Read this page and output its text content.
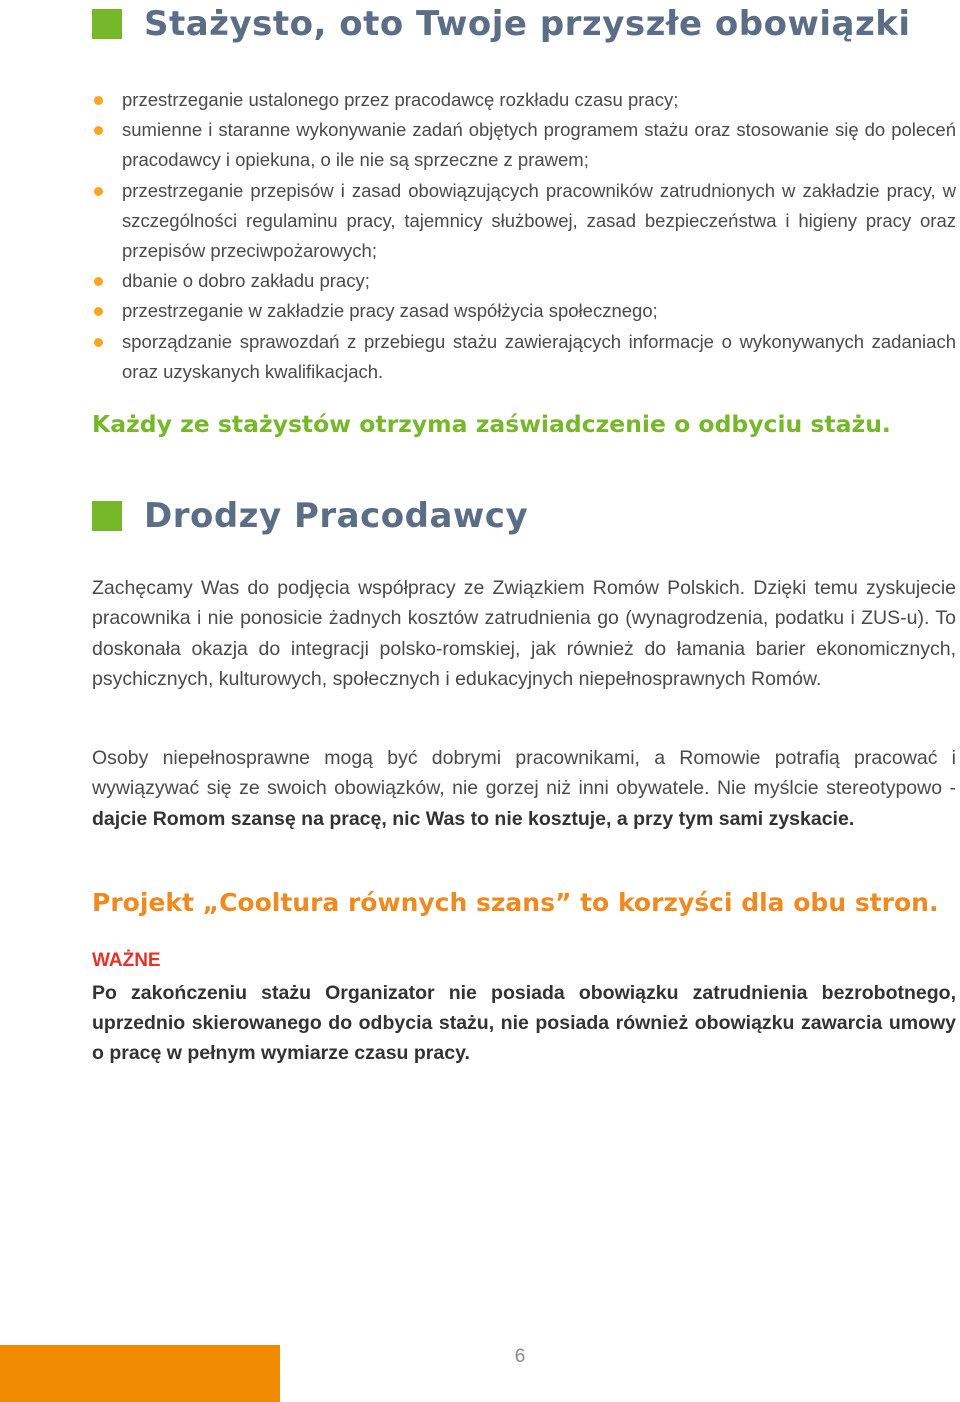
Stażysto, oto Twoje przyszłe obowiązki
przestrzeganie ustalonego przez pracodawcę rozkładu czasu pracy;
sumienne i staranne wykonywanie zadań objętych programem stażu oraz stosowanie się do poleceń pracodawcy i opiekuna, o ile nie są sprzeczne z prawem;
przestrzeganie przepisów i zasad obowiązujących pracowników zatrudnionych w zakładzie pracy, w szczególności regulaminu pracy, tajemnicy służbowej, zasad bezpieczeństwa i higieny pracy oraz przepisów przeciwpożarowych;
dbanie o dobro zakładu pracy;
przestrzeganie w zakładzie pracy zasad współżycia społecznego;
sporządzanie sprawozdań z przebiegu stażu zawierających informacje o wykonywanych zadaniach oraz uzyskanych kwalifikacjach.
Każdy ze stażystów otrzyma zaświadczenie o odbyciu stażu.
Drodzy Pracodawcy

Zachęcamy Was do podjęcia współpracy ze Związkiem Romów Polskich. Dzięki temu zyskujecie pracownika i nie ponosicie żadnych kosztów zatrudnienia go (wynagrodzenia, podatku i ZUS-u). To doskonała okazja do integracji polsko-romskiej, jak również do łamania barier ekonomicznych, psychicznych, kulturowych, społecznych i edukacyjnych niepełnosprawnych Romów.

Osoby niepełnosprawne mogą być dobrymi pracownikami, a Romowie potrafią pracować i wywiązywać się ze swoich obowiązków, nie gorzej niż inni obywatele. Nie myślcie stereotypowo - dajcie Romom szansę na pracę, nic Was to nie kosztuje, a przy tym sami zyskacie.

Projekt „Cooltura równych szans” to korzyści dla obu stron.
WAŻNE

Po zakończeniu stażu Organizator nie posiada obowiązku zatrudnienia bezrobotnego, uprzednio skierowanego do odbycia stażu, nie posiada również obowiązku zawarcia umowy o pracę w pełnym wymiarze czasu pracy.

6
